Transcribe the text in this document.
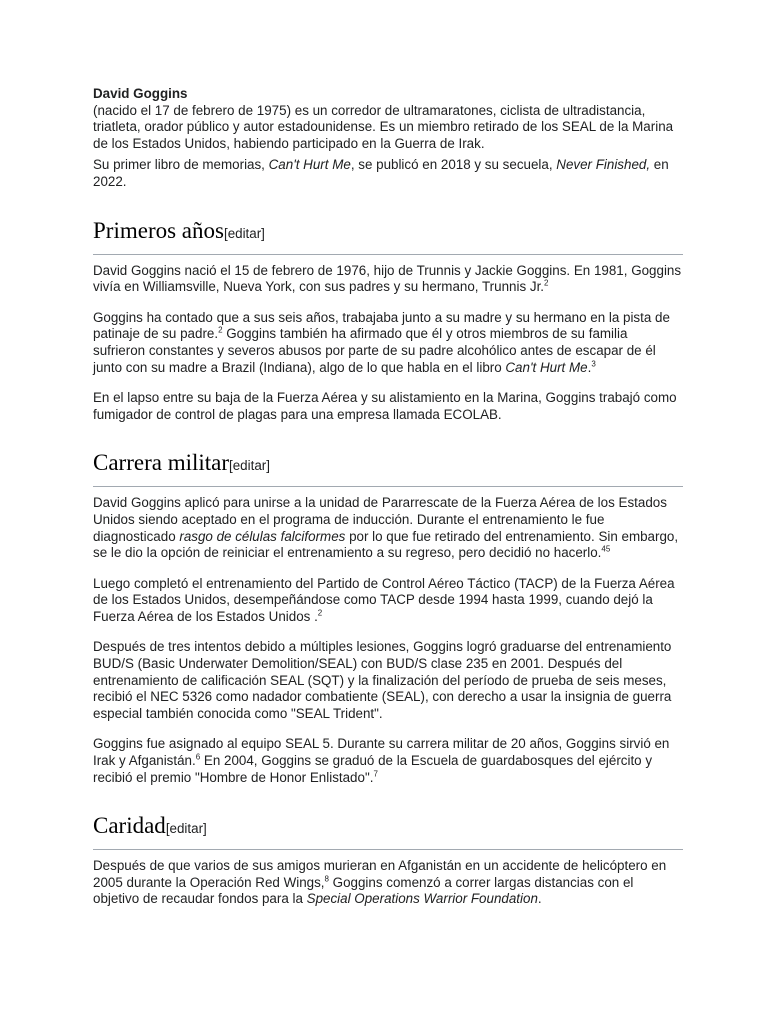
David Goggins
(nacido el 17 de febrero de 1975) es un corredor de ultramaratones, ciclista de ultradistancia, triatleta, orador público y autor estadounidense. Es un miembro retirado de los SEAL de la Marina de los Estados Unidos, habiendo participado en la Guerra de Irak.

Su primer libro de memorias, Can't Hurt Me, se publicó en 2018 y su secuela, Never Finished, en 2022.

Primeros años[editar]

David Goggins nació el 15 de febrero de 1976, hijo de Trunnis y Jackie Goggins. En 1981, Goggins vivía en Williamsville, Nueva York, con sus padres y su hermano, Trunnis Jr.$^2$

Goggins ha contado que a sus seis años, trabajaba junto a su madre y su hermano en la pista de patinaje de su padre.$^2$ Goggins también ha afirmado que él y otros miembros de su familia sufrieron constantes y severos abusos por parte de su padre alcohólico antes de escapar de él junto con su madre a Brazil (Indiana), algo de lo que habla en el libro Can't Hurt Me.$^3$

En el lapso entre su baja de la Fuerza Aérea y su alistamiento en la Marina, Goggins trabajó como fumigador de control de plagas para una empresa llamada ECOLAB.

Carrera militar[editar]

David Goggins aplicó para unirse a la unidad de Pararrescate de la Fuerza Aérea de los Estados Unidos siendo aceptado en el programa de inducción. Durante el entrenamiento le fue diagnosticado rasgo de células falciformes por lo que fue retirado del entrenamiento. Sin embargo, se le dio la opción de reiniciar el entrenamiento a su regreso, pero decidió no hacerlo.$^{45}$

Luego completó el entrenamiento del Partido de Control Aéreo Táctico (TACP) de la Fuerza Aérea de los Estados Unidos, desempeñándose como TACP desde 1994 hasta 1999, cuando dejó la Fuerza Aérea de los Estados Unidos .$^2$

Después de tres intentos debido a múltiples lesiones, Goggins logró graduarse del entrenamiento BUD/S (Basic Underwater Demolition/SEAL) con BUD/S clase 235 en 2001. Después del entrenamiento de calificación SEAL (SQT) y la finalización del período de prueba de seis meses, recibió el NEC 5326 como nadador combatiente (SEAL), con derecho a usar la insignia de guerra especial también conocida como "SEAL Trident".

Goggins fue asignado al equipo SEAL 5. Durante su carrera militar de 20 años, Goggins sirvió en Irak y Afganistán.$^6$ En 2004, Goggins se graduó de la Escuela de guardabosques del ejército y recibió el premio "Hombre de Honor Enlistado".$^7$

Caridad[editar]

Después de que varios de sus amigos murieran en Afganistán en un accidente de helicóptero en 2005 durante la Operación Red Wings,$^8$ Goggins comenzó a correr largas distancias con el objetivo de recaudar fondos para la Special Operations Warrior Foundation.
